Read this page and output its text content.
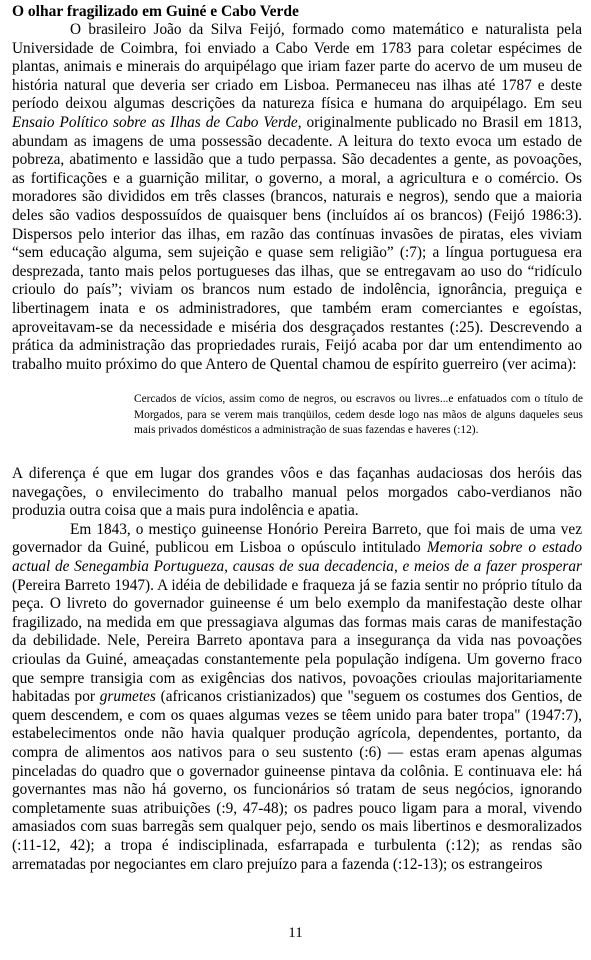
O olhar fragilizado em Guiné e Cabo Verde

O brasileiro João da Silva Feijó, formado como matemático e naturalista pela Universidade de Coimbra, foi enviado a Cabo Verde em 1783 para coletar espécimes de plantas, animais e minerais do arquipélago que iriam fazer parte do acervo de um museu de história natural que deveria ser criado em Lisboa. Permaneceu nas ilhas até 1787 e deste período deixou algumas descrições da natureza física e humana do arquipélago. Em seu Ensaio Político sobre as Ilhas de Cabo Verde, originalmente publicado no Brasil em 1813, abundam as imagens de uma possessão decadente. A leitura do texto evoca um estado de pobreza, abatimento e lassidão que a tudo perpassa. São decadentes a gente, as povoações, as fortificações e a guarnição militar, o governo, a moral, a agricultura e o comércio. Os moradores são divididos em três classes (brancos, naturais e negros), sendo que a maioria deles são vadios despossuídos de quaisquer bens (incluídos aí os brancos) (Feijó 1986:3). Dispersos pelo interior das ilhas, em razão das contínuas invasões de piratas, eles viviam “sem educação alguma, sem sujeição e quase sem religião” (:7); a língua portuguesa era desprezada, tanto mais pelos portugueses das ilhas, que se entregavam ao uso do “ridículo crioulo do país”; viviam os brancos num estado de indolência, ignorância, preguiça e libertinagem inata e os administradores, que também eram comerciantes e egoístas, aproveitavam-se da necessidade e miséria dos desgraçados restantes (:25). Descrevendo a prática da administração das propriedades rurais, Feijó acaba por dar um entendimento ao trabalho muito próximo do que Antero de Quental chamou de espírito guerreiro (ver acima):

Cercados de vícios, assim como de negros, ou escravos ou livres...e enfatuados com o título de Morgados, para se verem mais tranqüilos, cedem desde logo nas mãos de alguns daqueles seus mais privados domésticos a administração de suas fazendas e haveres (:12).

A diferença é que em lugar dos grandes vôos e das façanhas audaciosas dos heróis das navegações, o envilecimento do trabalho manual pelos morgados cabo-verdianos não produzia outra coisa que a mais pura indolência e apatia.

Em 1843, o mestiço guineense Honório Pereira Barreto, que foi mais de uma vez governador da Guiné, publicou em Lisboa o opúsculo intitulado Memoria sobre o estado actual de Senegambia Portugueza, causas de sua decadencia, e meios de a fazer prosperar (Pereira Barreto 1947). A idéia de debilidade e fraqueza já se fazia sentir no próprio título da peça. O livreto do governador guineense é um belo exemplo da manifestação deste olhar fragilizado, na medida em que pressagiava algumas das formas mais caras de manifestação da debilidade. Nele, Pereira Barreto apontava para a insegurança da vida nas povoações crioulas da Guiné, ameaçadas constantemente pela população indígena. Um governo fraco que sempre transigia com as exigências dos nativos, povoações crioulas majoritariamente habitadas por grumetes (africanos cristianizados) que "seguem os costumes dos Gentios, de quem descendem, e com os quaes algumas vezes se têem unido para bater tropa" (1947:7), estabelecimentos onde não havia qualquer produção agrícola, dependentes, portanto, da compra de alimentos aos nativos para o seu sustento (:6) — estas eram apenas algumas pinceladas do quadro que o governador guineense pintava da colônia. E continuava ele: há governantes mas não há governo, os funcionários só tratam de seus negócios, ignorando completamente suas atribuições (:9, 47-48); os padres pouco ligam para a moral, vivendo amasiados com suas barregãs sem qualquer pejo, sendo os mais libertinos e desmoralizados (:11-12, 42); a tropa é indisciplinada, esfarrapada e turbulenta (:12); as rendas são arrematadas por negociantes em claro prejuízo para a fazenda (:12-13); os estrangeiros

11
